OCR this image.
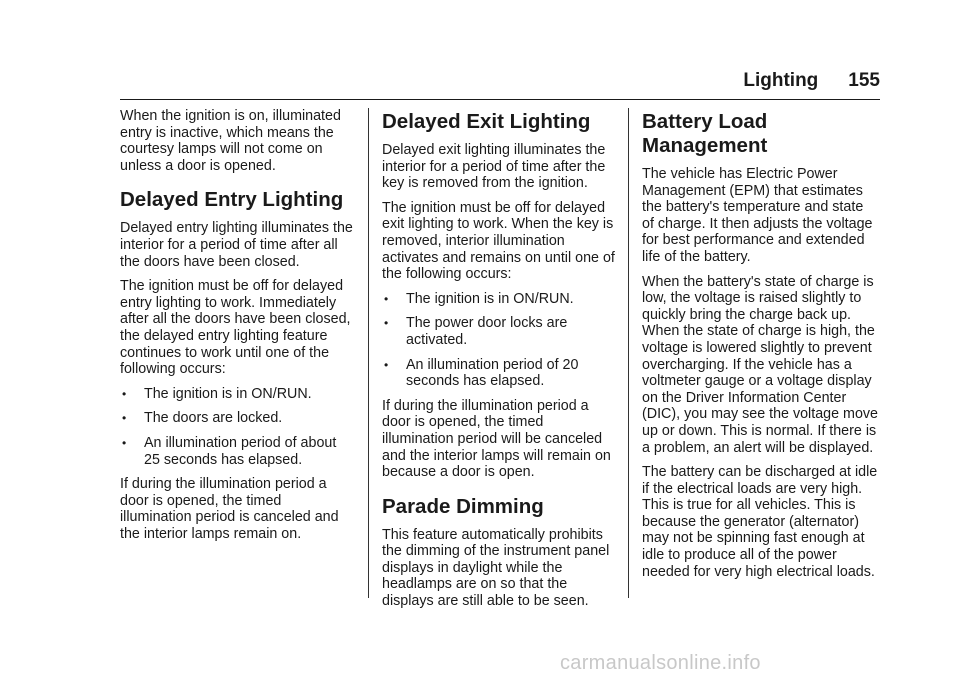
Lighting 155

When the ignition is on, illuminated entry is inactive, which means the courtesy lamps will not come on unless a door is opened.

Delayed Entry Lighting

Delayed entry lighting illuminates the interior for a period of time after all the doors have been closed.

The ignition must be off for delayed entry lighting to work. Immediately after all the doors have been closed, the delayed entry lighting feature continues to work until one of the following occurs:

• The ignition is in ON/RUN.
• The doors are locked.
• An illumination period of about 25 seconds has elapsed.

If during the illumination period a door is opened, the timed illumination period is canceled and the interior lamps remain on.

Delayed Exit Lighting

Delayed exit lighting illuminates the interior for a period of time after the key is removed from the ignition.

The ignition must be off for delayed exit lighting to work. When the key is removed, interior illumination activates and remains on until one of the following occurs:

• The ignition is in ON/RUN.
• The power door locks are activated.
• An illumination period of 20 seconds has elapsed.

If during the illumination period a door is opened, the timed illumination period will be canceled and the interior lamps will remain on because a door is open.

Parade Dimming

This feature automatically prohibits the dimming of the instrument panel displays in daylight while the headlamps are on so that the displays are still able to be seen.

Battery Load Management

The vehicle has Electric Power Management (EPM) that estimates the battery's temperature and state of charge. It then adjusts the voltage for best performance and extended life of the battery.

When the battery's state of charge is low, the voltage is raised slightly to quickly bring the charge back up. When the state of charge is high, the voltage is lowered slightly to prevent overcharging. If the vehicle has a voltmeter gauge or a voltage display on the Driver Information Center (DIC), you may see the voltage move up or down. This is normal. If there is a problem, an alert will be displayed.

The battery can be discharged at idle if the electrical loads are very high. This is true for all vehicles. This is because the generator (alternator) may not be spinning fast enough at idle to produce all of the power needed for very high electrical loads.

carmanualsonline.info
